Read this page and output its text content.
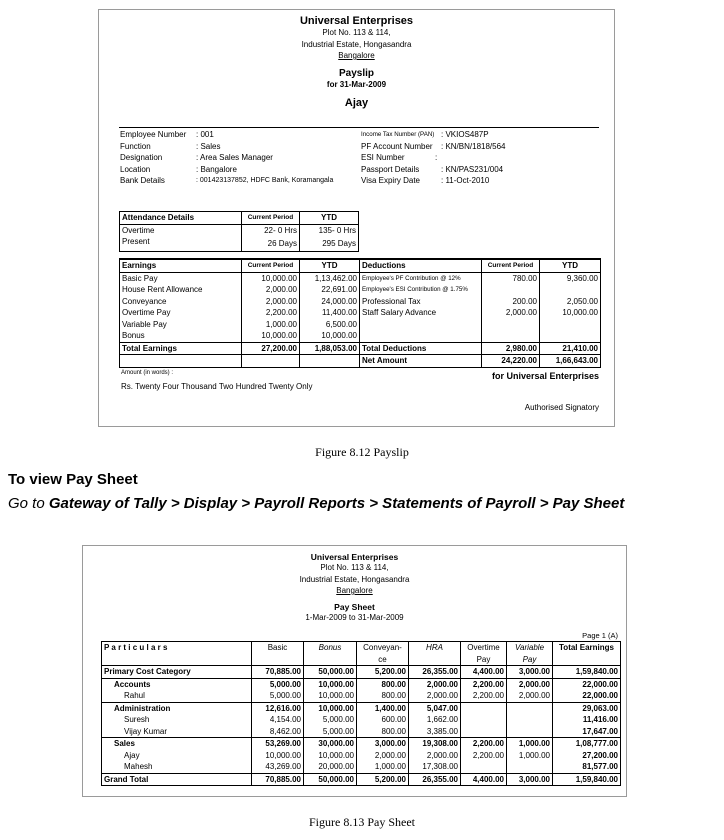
Universal Enterprises
Plot No. 113 & 114,
Industrial Estate, Hongasandra
Bangalore
Payslip
for 31-Mar-2009
Ajay
Employee Number	: 001
Function	: Sales
Designation	: Area Sales Manager
Location	: Bangalore
Bank Details	: 001423137852, HDFC Bank, Koramangala
Income Tax Number (PAN) : VKIOS487P
PF Account Number	: KN/BN/1818/564
ESI Number	:
Passport Details	: KN/PAS231/004
Visa Expiry Date	: 11-Oct-2010
Attendance Details	Current Period	YTD
Overtime	22- 0 Hrs	135- 0 Hrs
Present	26 Days	295 Days
Earnings	Current Period	YTD	Deductions	Current Period	YTD
Basic Pay	10,000.00	1,13,462.00	Employee's PF Contribution @ 12%	780.00	9,360.00
House Rent Allowance	2,000.00	22,691.00	Employee's ESI Contribution @ 1.75%		
Conveyance	2,000.00	24,000.00	Professional Tax	200.00	2,050.00
Overtime Pay	2,200.00	11,400.00	Staff Salary Advance	2,000.00	10,000.00
Variable Pay	1,000.00	6,500.00			
Bonus	10,000.00	10,000.00			
Total Earnings	27,200.00	1,88,053.00	Total Deductions	2,980.00	21,410.00
			Net Amount	24,220.00	1,66,643.00
Amount (in words) :
Rs. Twenty Four Thousand Two Hundred Twenty Only
for Universal Enterprises
Authorised Signatory
Figure 8.12 Payslip
To view Pay Sheet
Go to Gateway of Tally > Display > Payroll Reports > Statements of Payroll > Pay Sheet
Universal Enterprises
Plot No. 113 & 114,
Industrial Estate, Hongasandra
Bangalore
Pay Sheet
1-Mar-2009 to 31-Mar-2009
Page 1 (A)
P a r t i c u l a r s	Basic	Bonus	Conveyan-ce	HRA	Overtime Pay	Variable Pay	Total Earnings
Primary Cost Category	70,885.00	50,000.00	5,200.00	26,355.00	4,400.00	3,000.00	1,59,840.00
Accounts	5,000.00	10,000.00	800.00	2,000.00	2,200.00	2,000.00	22,000.00
Rahul	5,000.00	10,000.00	800.00	2,000.00	2,200.00	2,000.00	22,000.00
Administration	12,616.00	10,000.00	1,400.00	5,047.00			29,063.00
Suresh	4,154.00	5,000.00	600.00	1,662.00			11,416.00
Vijay Kumar	8,462.00	5,000.00	800.00	3,385.00			17,647.00
Sales	53,269.00	30,000.00	3,000.00	19,308.00	2,200.00	1,000.00	1,08,777.00
Ajay	10,000.00	10,000.00	2,000.00	2,000.00	2,200.00	1,000.00	27,200.00
Mahesh	43,269.00	20,000.00	1,000.00	17,308.00			81,577.00
Grand Total	70,885.00	50,000.00	5,200.00	26,355.00	4,400.00	3,000.00	1,59,840.00
Figure 8.13 Pay Sheet
